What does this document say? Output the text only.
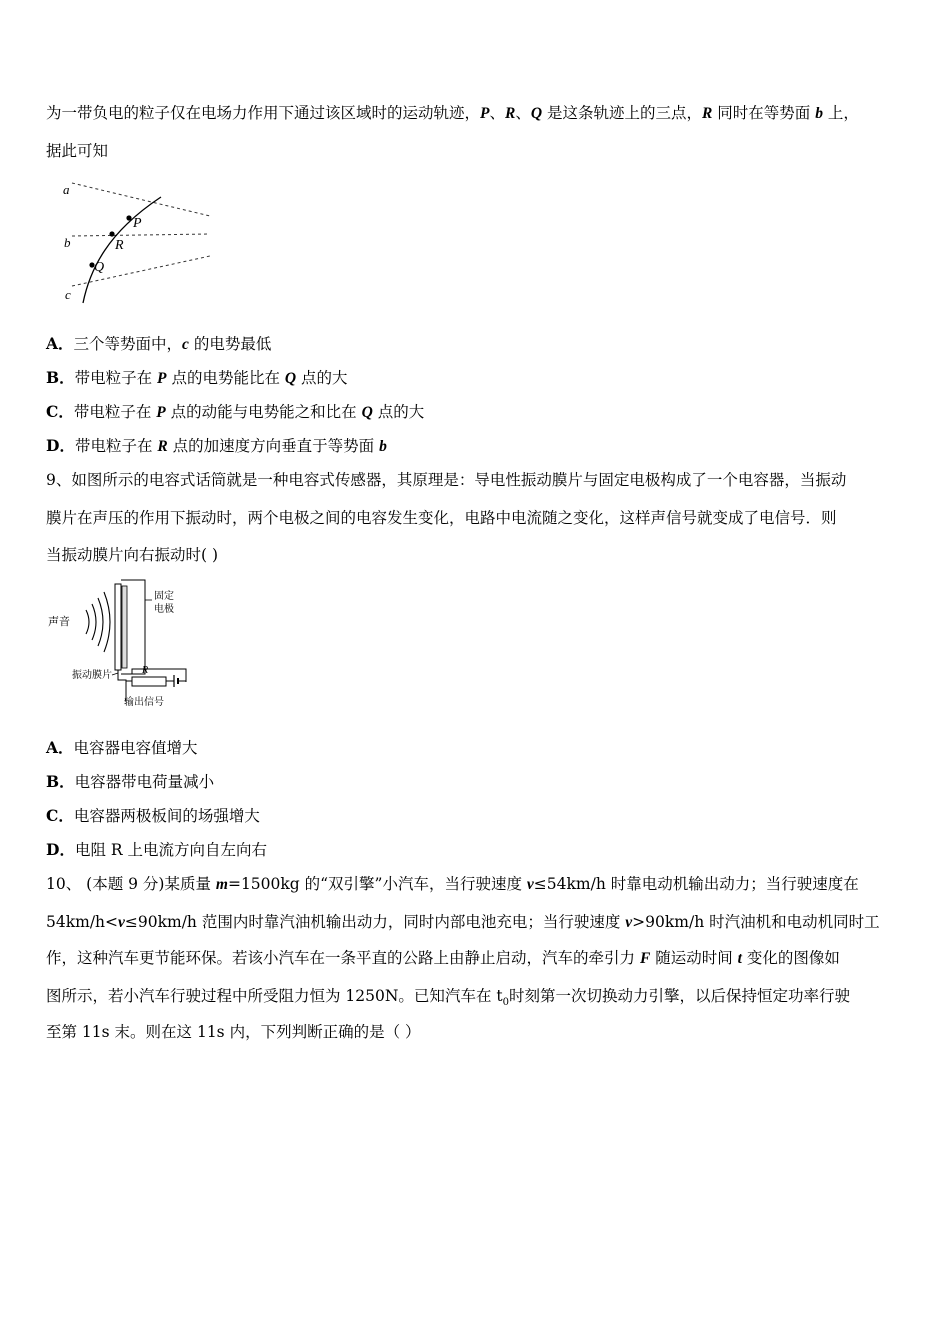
为一带负电的粒子仅在电场力作用下通过该区域时的运动轨迹，P、R、Q 是这条轨迹上的三点，R 同时在等势面 b 上，
据此可知
a
b
c
P
R
Q
A．三个等势面中，c 的电势最低
B．带电粒子在 P 点的电势能比在 Q 点的大
C．带电粒子在 P 点的动能与电势能之和比在 Q 点的大
D．带电粒子在 R 点的加速度方向垂直于等势面 b
9、如图所示的电容式话筒就是一种电容式传感器，其原理是：导电性振动膜片与固定电极构成了一个电容器，当振动
膜片在声压的作用下振动时，两个电极之间的电容发生变化，电路中电流随之变化，这样声信号就变成了电信号．则
当振动膜片向右振动时( )
声音
固定
电极
R
振动膜片
输出信号
A．电容器电容值增大
B．电容器带电荷量减小
C．电容器两极板间的场强增大
D．电阻 R 上电流方向自左向右
10、 (本题 9 分)某质量 m=1500kg 的“双引擎”小汽车，当行驶速度 v≤54km/h 时靠电动机输出动力；当行驶速度在
54km/h<v≤90km/h 范围内时靠汽油机输出动力，同时内部电池充电；当行驶速度 v>90km/h 时汽油机和电动机同时工
作，这种汽车更节能环保。若该小汽车在一条平直的公路上由静止启动，汽车的牵引力 F 随运动时间 t 变化的图像如
图所示，若小汽车行驶过程中所受阻力恒为 1250N。已知汽车在 $t_0$时刻第一次切换动力引擎，以后保持恒定功率行驶
至第 11s 末。则在这 11s 内，下列判断正确的是（ ）
